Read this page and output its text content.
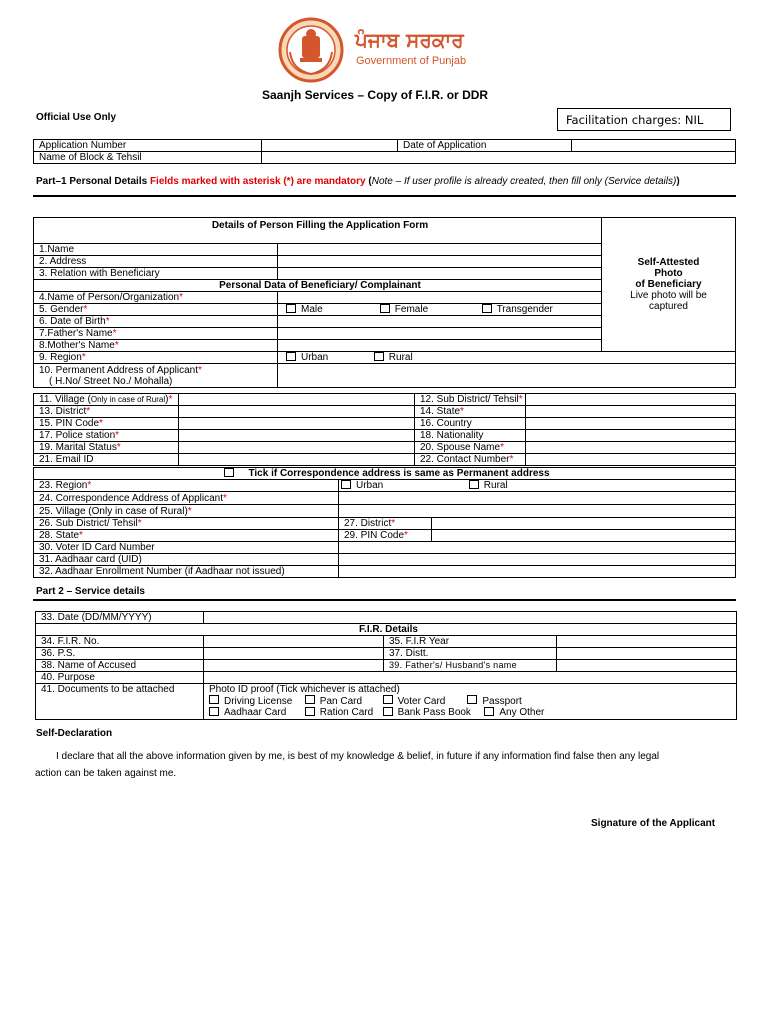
ਪੰਜਾਬ ਸਰਕਾਰ
Government of Punjab
Saanjh Services – Copy of F.I.R. or DDR
Official Use Only	Facilitation charges: NIL
Application Number		Date of Application	
Name of Block & Tehsil			
Part–1 Personal Details Fields marked with asterisk (*) are mandatory (Note – If user profile is already created, then fill only (Service details))
Details of Person Filling the Application Form		Self-Attested
Photo
of Beneficiary
Live photo will be
captured

1.Name		
2. Address		
3. Relation with Beneficiary		
Personal Data of Beneficiary/ Complainant		
4.Name of Person/Organization*		
5. Gender*	Male Female Transgender	
6. Date of Birth*		
7.Father's Name*		
8.Mother's Name*		
9. Region*	Urban Rural	

10. Permanent Address of Applicant*
( H.No/ Street No./ Mohalla)		

11. Village (Only in case of Rural)*		12. Sub District/ Tehsil*	
13. District*		14. State*	
15. PIN Code*		16. Country	
17. Police station*		18. Nationality	
19. Marital Status*		20. Spouse Name*	
21. Email ID		22. Contact Number*	
Tick if Correspondence address is same as Permanent address		
23. Region*	Urban Rural	
24. Correspondence Address of Applicant*		
25. Village (Only in case of Rural)*		
26. Sub District/ Tehsil*	27. District*	
28. State*	29. PIN Code*	
30. Voter ID Card Number		
31. Aadhaar card (UID)		
32. Aadhaar Enrollment Number (if Aadhaar not issued)		
Part 2 – Service details
33. Date (DD/MM/YYYY)			
F.I.R. Details			
34. F.I.R. No.		35. F.I.R Year	
36. P.S.		37. Distt.	
38. Name of Accused		39. Father's/ Husband's name	
40. Purpose			
41. Documents to be attached	Photo ID proof (Tick whichever is attached)
Driving License Pan Card Voter Card Passport
Aadhaar Card Ration Card Bank Pass Book Any Other		
Self-Declaration
I declare that all the above information given by me, is best of my knowledge & belief, in future if any information find false then any legal
action can be taken against me.
Signature of the Applicant
